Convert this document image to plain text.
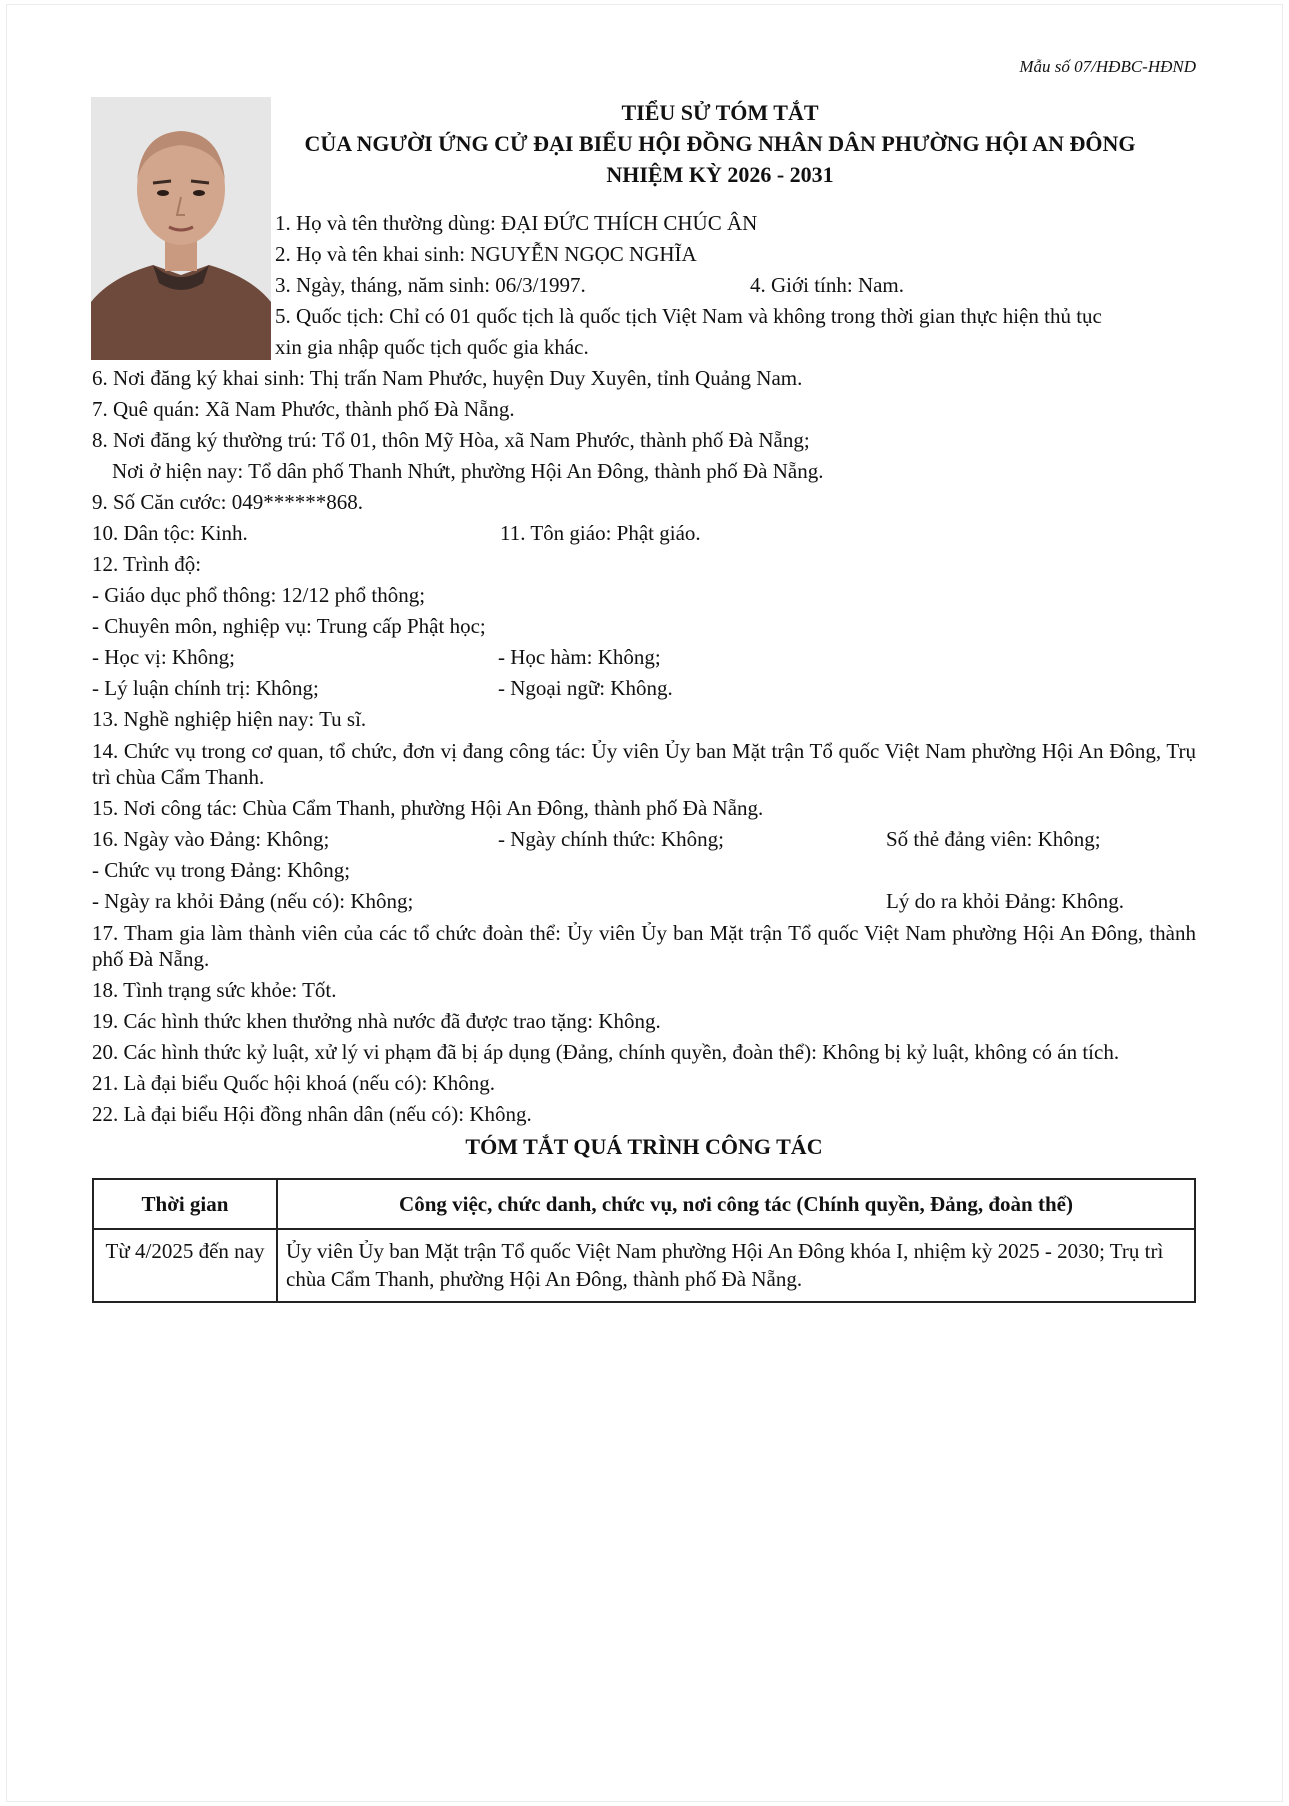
Mẫu số 07/HĐBC-HĐND
TIỂU SỬ TÓM TẮT
CỦA NGƯỜI ỨNG CỬ ĐẠI BIỂU HỘI ĐỒNG NHÂN DÂN PHƯỜNG HỘI AN ĐÔNG
NHIỆM KỲ 2026 - 2031
1. Họ và tên thường dùng: ĐẠI ĐỨC THÍCH CHÚC ÂN
2. Họ và tên khai sinh: NGUYỄN NGỌC NGHĨA
3. Ngày, tháng, năm sinh: 06/3/1997.	4. Giới tính: Nam.
5. Quốc tịch: Chỉ có 01 quốc tịch là quốc tịch Việt Nam và không trong thời gian thực hiện thủ tục
xin gia nhập quốc tịch quốc gia khác.
6. Nơi đăng ký khai sinh: Thị trấn Nam Phước, huyện Duy Xuyên, tỉnh Quảng Nam.
7. Quê quán: Xã Nam Phước, thành phố Đà Nẵng.
8. Nơi đăng ký thường trú: Tổ 01, thôn Mỹ Hòa, xã Nam Phước, thành phố Đà Nẵng;
Nơi ở hiện nay: Tổ dân phố Thanh Nhứt, phường Hội An Đông, thành phố Đà Nẵng.
9. Số Căn cước: 049******868.
10. Dân tộc: Kinh.	11. Tôn giáo: Phật giáo.
12. Trình độ:
- Giáo dục phổ thông: 12/12 phổ thông;
- Chuyên môn, nghiệp vụ: Trung cấp Phật học;
- Học vị: Không;	- Học hàm: Không;
- Lý luận chính trị: Không;	- Ngoại ngữ: Không.
13. Nghề nghiệp hiện nay: Tu sĩ.
14. Chức vụ trong cơ quan, tổ chức, đơn vị đang công tác: Ủy viên Ủy ban Mặt trận Tổ quốc Việt Nam phường Hội An Đông, Trụ trì chùa Cẩm Thanh.
15. Nơi công tác: Chùa Cẩm Thanh, phường Hội An Đông, thành phố Đà Nẵng.
16. Ngày vào Đảng: Không;	- Ngày chính thức: Không;	Số thẻ đảng viên: Không;
- Chức vụ trong Đảng: Không;
- Ngày ra khỏi Đảng (nếu có): Không;	Lý do ra khỏi Đảng: Không.
17. Tham gia làm thành viên của các tổ chức đoàn thể: Ủy viên Ủy ban Mặt trận Tổ quốc Việt Nam phường Hội An Đông, thành phố Đà Nẵng.
18. Tình trạng sức khỏe: Tốt.
19. Các hình thức khen thưởng nhà nước đã được trao tặng: Không.
20. Các hình thức kỷ luật, xử lý vi phạm đã bị áp dụng (Đảng, chính quyền, đoàn thể): Không bị kỷ luật, không có án tích.
21. Là đại biểu Quốc hội khoá (nếu có): Không.
22. Là đại biểu Hội đồng nhân dân (nếu có): Không.
TÓM TẮT QUÁ TRÌNH CÔNG TÁC
Thời gian	Công việc, chức danh, chức vụ, nơi công tác (Chính quyền, Đảng, đoàn thể)
Từ 4/2025 đến nay	Ủy viên Ủy ban Mặt trận Tổ quốc Việt Nam phường Hội An Đông khóa I, nhiệm kỳ 2025 - 2030; Trụ trì chùa Cẩm Thanh, phường Hội An Đông, thành phố Đà Nẵng.
